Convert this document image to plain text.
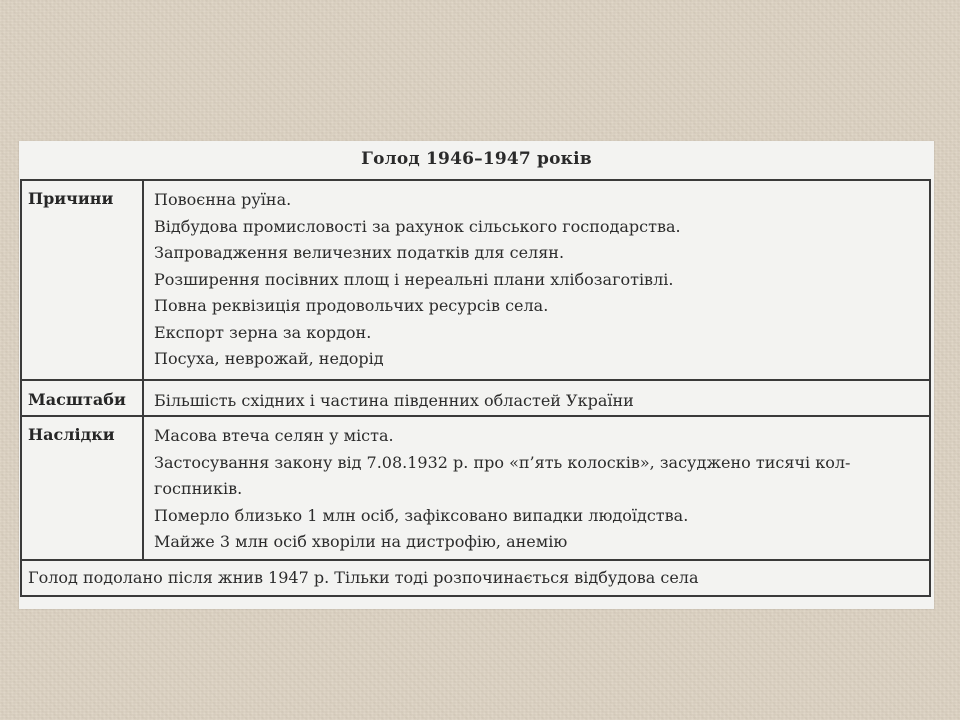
Голод 1946–1947 років
Причини	Повоєнна руїна.
Відбудова промисловості за рахунок сільського господарства.
Запровадження величезних податків для селян.
Розширення посівних площ і нереальні плани хлібозаготівлі.
Повна реквізиція продовольчих ресурсів села.
Експорт зерна за кордон.
Посуха, неврожай, недорід
Масштаби	Більшість східних і частина південних областей України
Наслідки	Масова втеча селян у міста.
Застосування закону від 7.08.1932 р. про «п’ять колосків», засуджено тисячі кол-
госпників.
Померло близько 1 млн осіб, зафіксовано випадки людоїдства.
Майже 3 млн осіб хворіли на дистрофію, анемію
Голод подолано після жнив 1947 р. Тільки тоді розпочинається відбудова села
